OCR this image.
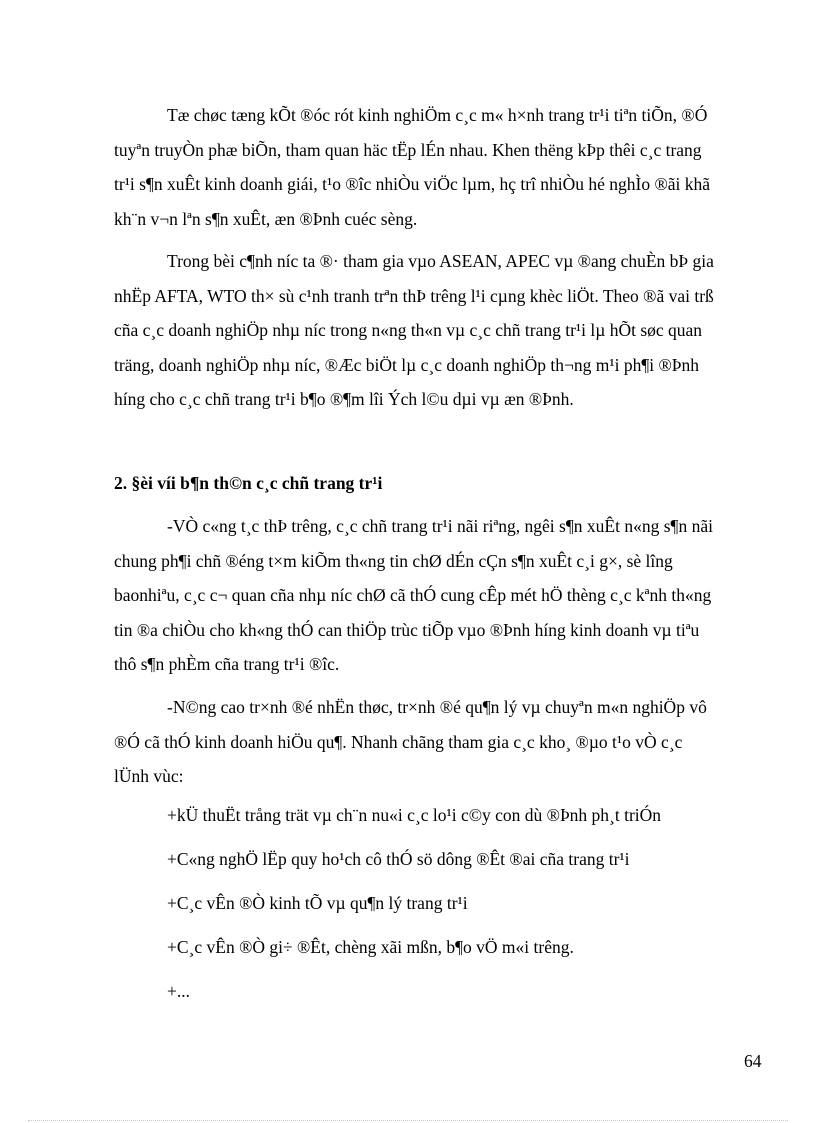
Tæ chøc tæng kÕt ®óc rót kinh nghiÖm c¸c m« h×nh trang tr¹i tiªn tiÕn, ®Ó
tuyªn truyÒn phæ biÕn, tham quan häc tËp lÉn nhau. Khen thëng kÞp thêi c¸c trang
tr¹i s¶n xuÊt kinh doanh giái, t¹o ®îc nhiÒu viÖc lµm, hç trî nhiÒu hé nghÌo ®ãi khã
kh¨n v¬n lªn s¶n xuÊt, æn ®Þnh cuéc sèng.

Trong bèi c¶nh níc ta ®· tham gia vµo ASEAN, APEC vµ ®ang chuÈn bÞ gia
nhËp AFTA, WTO th× sù c¹nh tranh trªn thÞ trêng l¹i cµng khèc liÖt. Theo ®ã vai trß
cña c¸c doanh nghiÖp nhµ níc trong n«ng th«n vµ c¸c chñ trang tr¹i lµ hÕt søc quan
träng, doanh nghiÖp nhµ níc, ®Æc biÖt lµ c¸c doanh nghiÖp th¬ng m¹i ph¶i ®Þnh
híng cho c¸c chñ trang tr¹i b¶o ®¶m lîi Ých l©u dµi vµ æn ®Þnh.

2. §èi víi b¶n th©n c¸c chñ trang tr¹i

-VÒ c«ng t¸c thÞ trêng, c¸c chñ trang tr¹i nãi riªng, ngêi s¶n xuÊt n«ng s¶n nãi
chung ph¶i chñ ®éng t×m kiÕm th«ng tin chØ dÉn cÇn s¶n xuÊt c¸i g×, sè lîng
baonhiªu, c¸c c¬ quan cña nhµ níc chØ cã thÓ cung cÊp mét hÖ thèng c¸c kªnh th«ng
tin ®a chiÒu cho kh«ng thÓ can thiÖp trùc tiÕp vµo ®Þnh híng kinh doanh vµ tiªu
thô s¶n phÈm cña trang tr¹i ®îc.

-N©ng cao tr×nh ®é nhËn thøc, tr×nh ®é qu¶n lý vµ chuyªn m«n nghiÖp vô
®Ó cã thÓ kinh doanh hiÖu qu¶. Nhanh chãng tham gia c¸c kho¸ ®µo t¹o vÒ c¸c
lÜnh vùc:

+kÜ thuËt trång trät vµ ch¨n nu«i c¸c lo¹i c©y con dù ®Þnh ph¸t triÓn

+C«ng nghÖ lËp quy ho¹ch cô thÓ sö dông ®Êt ®ai cña trang tr¹i

+C¸c vÊn ®Ò kinh tÕ vµ qu¶n lý trang tr¹i

+C¸c vÊn ®Ò gi÷ ®Êt, chèng xãi mßn, b¶o vÖ m«i trêng.

+...

64
